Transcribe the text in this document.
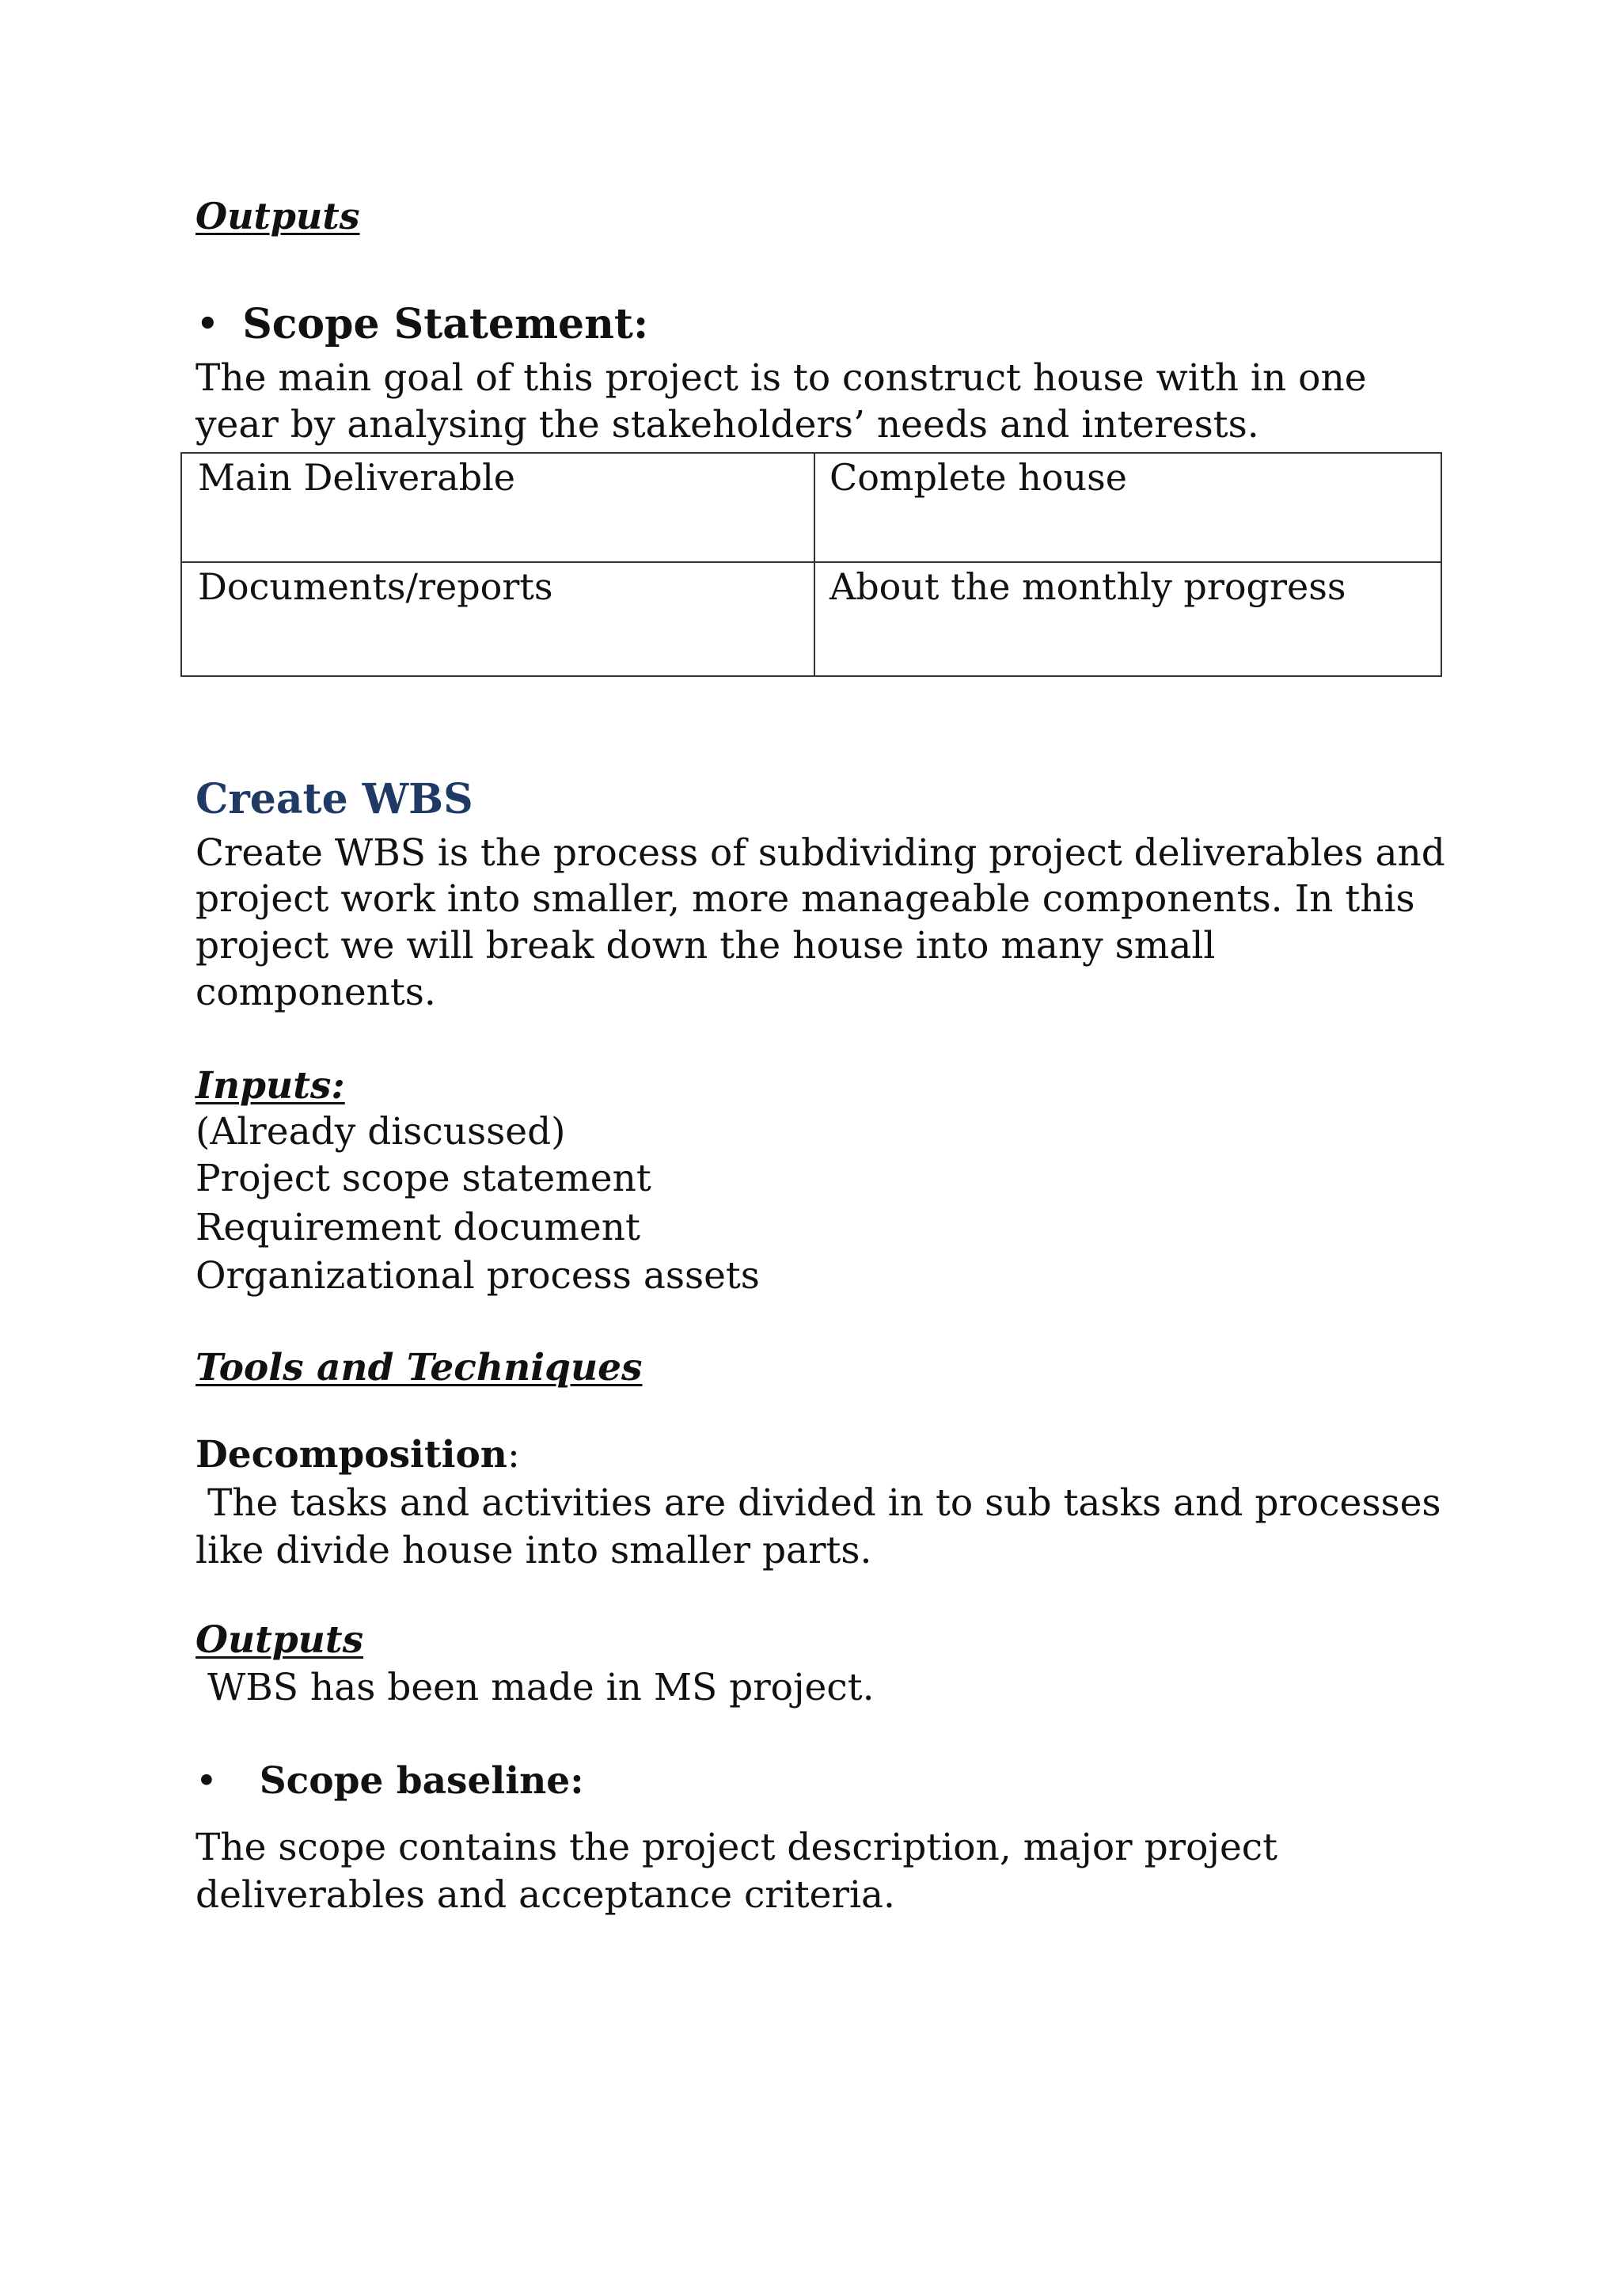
Outputs

• Scope Statement:

The main goal of this project is to construct house with in one

year by analysing the stakeholders’ needs and interests.

Main Deliverable	Complete house
Documents/reports	About the monthly progress

Create WBS

Create WBS is the process of subdividing project deliverables and

project work into smaller, more manageable components. In this

project we will break down the house into many small

components.

Inputs:

(Already discussed)

Project scope statement

Requirement document

Organizational process assets

Tools and Techniques

Decomposition:

The tasks and activities are divided in to sub tasks and processes

like divide house into smaller parts.

Outputs

WBS has been made in MS project.

• Scope baseline:

The scope contains the project description, major project

deliverables and acceptance criteria.
